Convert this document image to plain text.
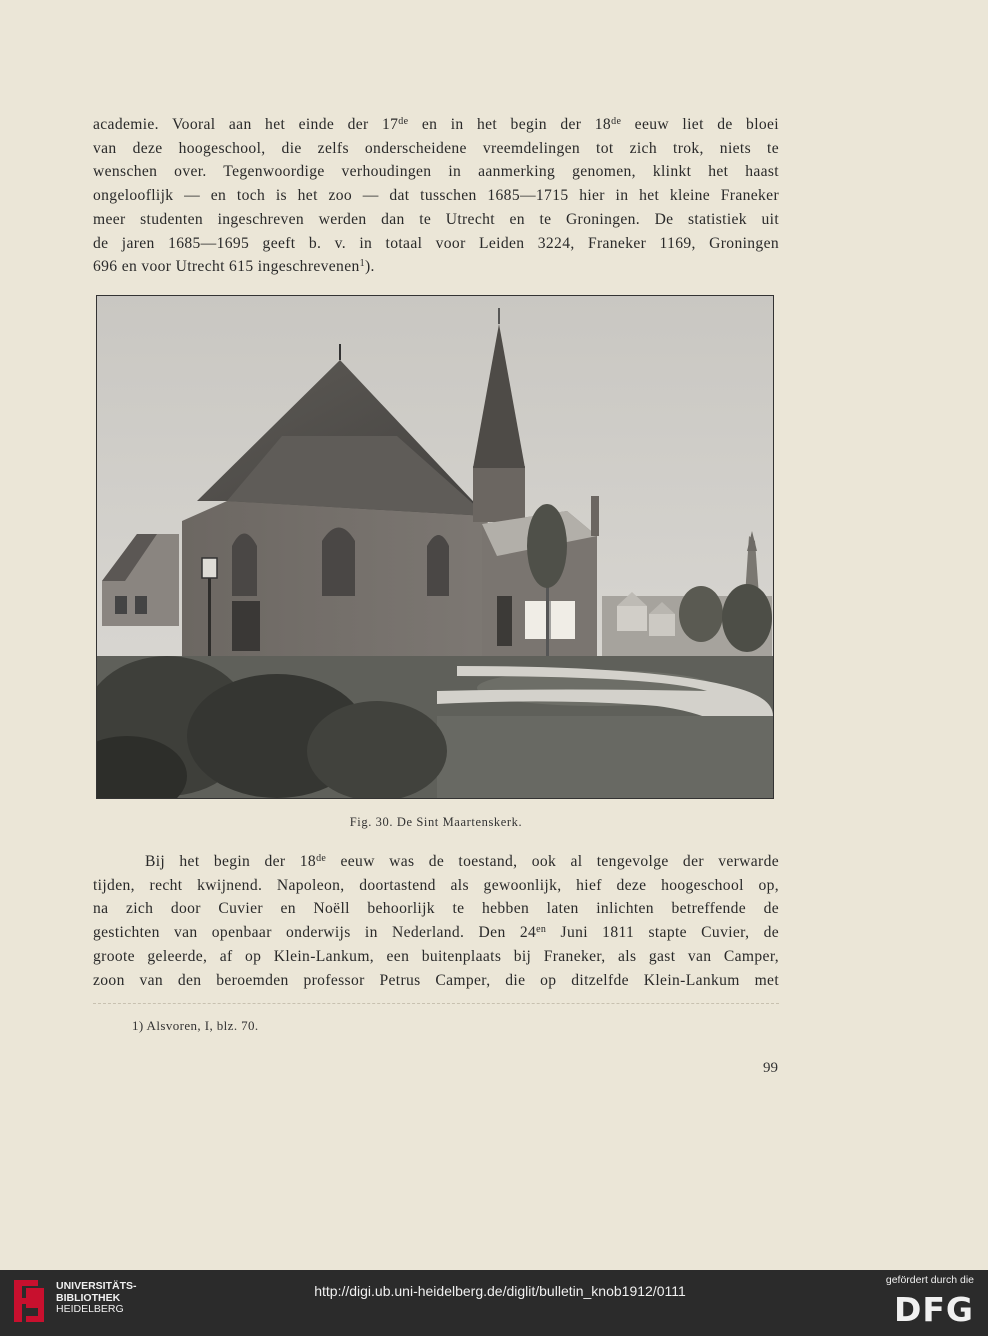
academie. Vooral aan het einde der 17de en in het begin der 18de eeuw liet de bloei
van deze hoogeschool, die zelfs onderscheidene vreemdelingen tot zich trok, niets te
wenschen over. Tegenwoordige verhoudingen in aanmerking genomen, klinkt het haast
ongelooflijk — en toch is het zoo — dat tusschen 1685—1715 hier in het kleine Franeker
meer studenten ingeschreven werden dan te Utrecht en te Groningen. De statistiek uit
de jaren 1685—1695 geeft b. v. in totaal voor Leiden 3224, Franeker 1169, Groningen
696 en voor Utrecht 615 ingeschrevenen$^1$).

Fig. 30. De Sint Maartenskerk.

Bij het begin der 18de eeuw was de toestand, ook al tengevolge der verwarde
tijden, recht kwijnend. Napoleon, doortastend als gewoonlijk, hief deze hoogeschool op,
na zich door Cuvier en Noëll behoorlijk te hebben laten inlichten betreffende de
gestichten van openbaar onderwijs in Nederland. Den $24^{en}$ Juni 1811 stapte Cuvier, de
groote geleerde, af op Klein-Lankum, een buitenplaats bij Franeker, als gast van Camper,
zoon van den beroemden professor Petrus Camper, die op ditzelfde Klein-Lankum met

1) Alsvoren, I, blz. 70.
99
UNIVERSITÄTS-
BIBLIOTHEK
HEIDELBERG
http://digi.ub.uni-heidelberg.de/diglit/bulletin_knob1912/0111
gefördert durch die
DFG
